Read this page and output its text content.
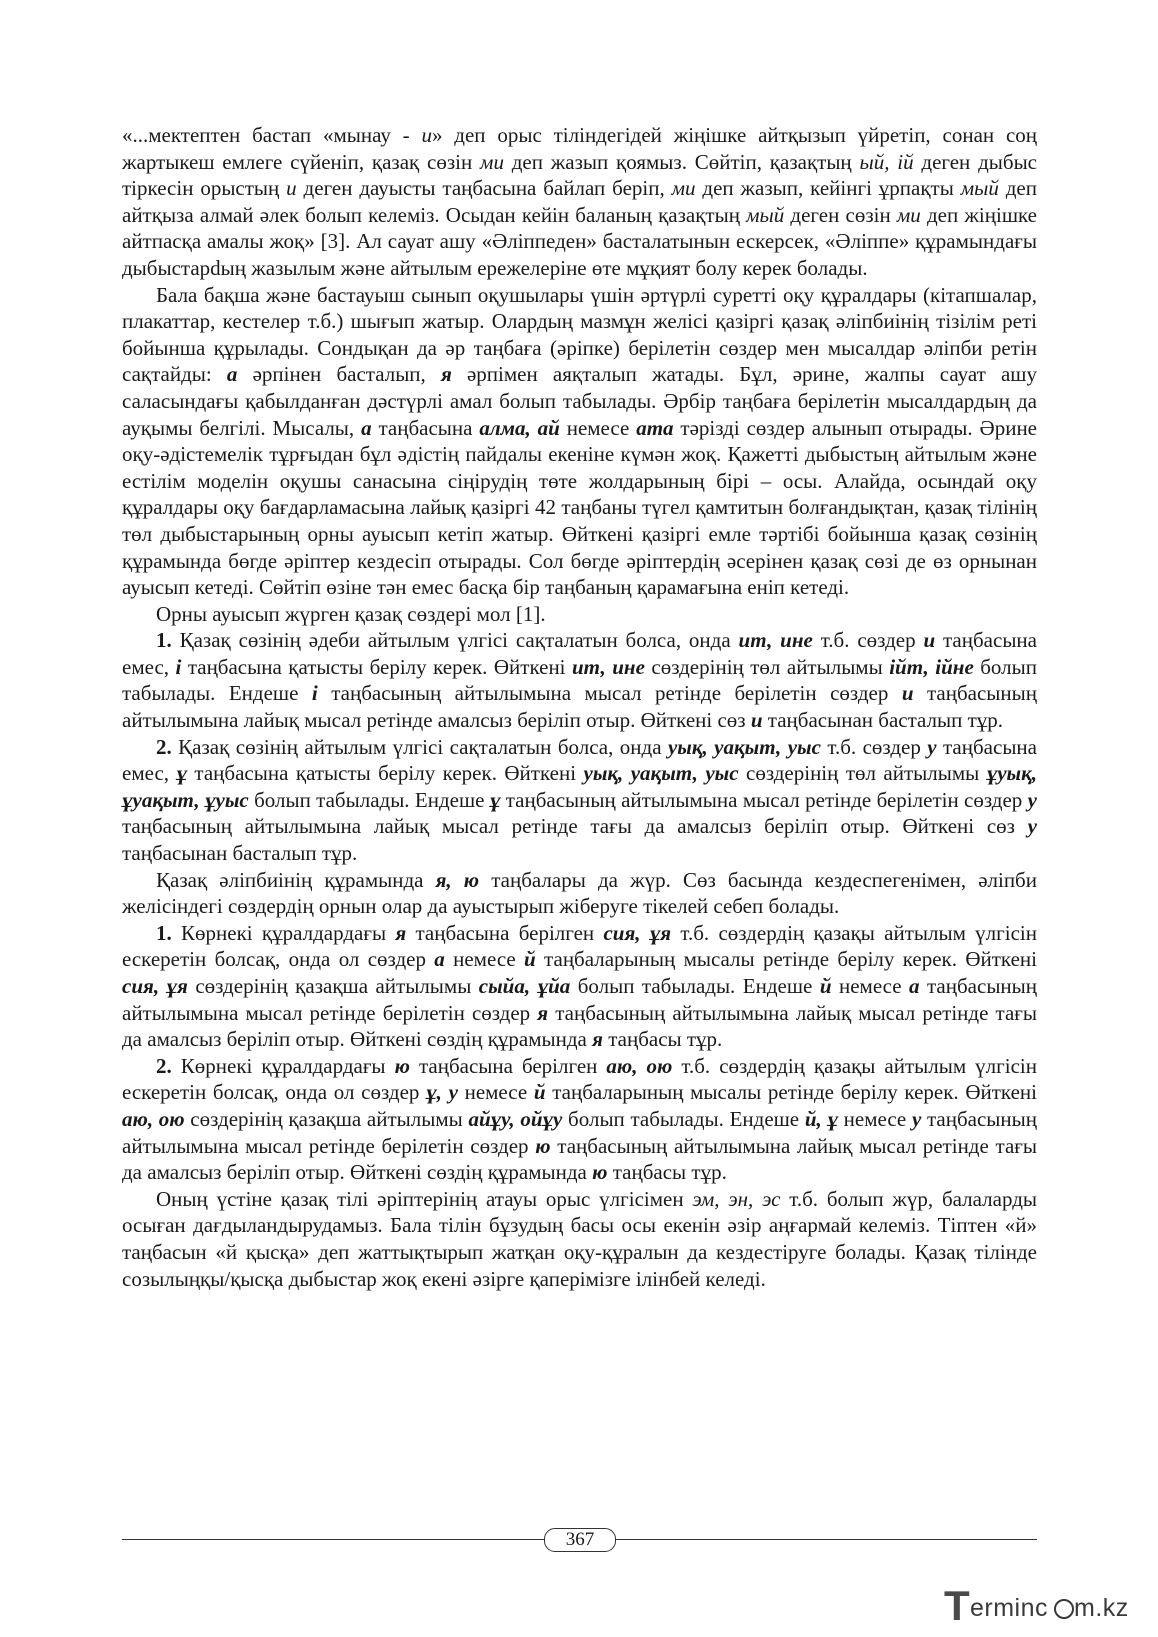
«...мектептен бастап «мынау - и» деп орыс тіліндегідей жіңішке айтқызып үйретіп, сонан соң жартыкеш емлеге сүйеніп, қазақ сөзін ми деп жазып қоямыз. Сөйтіп, қазақтың ый, ій деген дыбыс тіркесін орыстың и деген дауысты таңбасына байлап беріп, ми деп жазып, кейінгі ұрпақты мый деп айтқыза алмай әлек болып келеміз. Осыдан кейін баланың қазақтың мый деген сөзін ми деп жіңішке айтпасқа амалы жоқ» [3]. Ал сауат ашу «Әліппеден» басталатынын ескерсек, «Әліппе» құрамындағы дыбыстарdың жазылым және айтылым ережелеріне өте мұқият болу керек болады.

Бала бақша және бастауыш сынып оқушылары үшін әртүрлі суретті оқу құралдары (кітапшалар, плакаттар, кестелер т.б.) шығып жатыр. Олардың мазмұн желісі қазіргі қазақ әліпбиінің тізілім реті бойынша құрылады. Сондықан да әр таңбаға (әріпке) берілетін сөздер мен мысалдар әліпби ретін сақтайды: а әрпінен басталып, я әрпімен аяқталып жатады. Бұл, әрине, жалпы сауат ашу саласындағы қабылданған дәстүрлі амал болып табылады. Әрбір таңбаға берілетін мысалдардың да ауқымы белгілі. Мысалы, а таңбасына алма, ай немесе ата тәрізді сөздер алынып отырады. Әрине оқу-әдістемелік тұрғыдан бұл әдістің пайдалы екеніне күмән жоқ. Қажетті дыбыстың айтылым және естілім моделін оқушы санасына сіңірудің төте жолдарының бірі – осы. Алайда, осындай оқу құралдары оқу бағдарламасына лайық қазіргі 42 таңбаны түгел қамтитын болғандықтан, қазақ тілінің төл дыбыстарының орны ауысып кетіп жатыр. Өйткені қазіргі емле тәртібі бойынша қазақ сөзінің құрамында бөгде әріптер кездесіп отырады. Сол бөгде әріптердің әсерінен қазақ сөзі де өз орнынан ауысып кетеді. Сөйтіп өзіне тән емес басқа бір таңбаның қарамағына еніп кетеді.

Орны ауысып жүрген қазақ сөздері мол [1].

1. Қазақ сөзінің әдеби айтылым үлгісі сақталатын болса, онда ит, ине т.б. сөздер и таңбасына емес, і таңбасына қатысты берілу керек. Өйткені ит, ине сөздерінің төл айтылымы ійт, ійне болып табылады. Ендеше і таңбасының айтылымына мысал ретінде берілетін сөздер и таңбасының айтылымына лайық мысал ретінде амалсыз беріліп отыр. Өйткені сөз и таңбасынан басталып тұр.

2. Қазақ сөзінің айтылым үлгісі сақталатын болса, онда уық, уақыт, уыс т.б. сөздер у таңбасына емес, ұ таңбасына қатысты берілу керек. Өйткені уық, уақыт, уыс сөздерінің төл айтылымы ұуық, ұуақыт, ұуыс болып табылады. Ендеше ұ таңбасының айтылымына мысал ретінде берілетін сөздер у таңбасының айтылымына лайық мысал ретінде тағы да амалсыз беріліп отыр. Өйткені сөз у таңбасынан басталып тұр.

Қазақ әліпбиінің құрамында я, ю таңбалары да жүр. Сөз басында кездеспегенімен, әліпби желісіндегі сөздердің орнын олар да ауыстырып жіберуге тікелей себеп болады.

1. Көрнекі құралдардағы я таңбасына берілген сия, ұя т.б. сөздердің қазақы айтылым үлгісін ескеретін болсақ, онда ол сөздер а немесе й таңбаларының мысалы ретінде берілу керек. Өйткені сия, ұя сөздерінің қазақша айтылымы сыйа, ұйа болып табылады. Ендеше й немесе а таңбасының айтылымына мысал ретінде берілетін сөздер я таңбасының айтылымына лайық мысал ретінде тағы да амалсыз беріліп отыр. Өйткені сөздің құрамында я таңбасы тұр.

2. Көрнекі құралдардағы ю таңбасына берілген аю, ою т.б. сөздердің қазақы айтылым үлгісін ескеретін болсақ, онда ол сөздер ұ, у немесе й таңбаларының мысалы ретінде берілу керек. Өйткені аю, ою сөздерінің қазақша айтылымы айұу, ойұу болып табылады. Ендеше й, ұ немесе у таңбасының айтылымына мысал ретінде берілетін сөздер ю таңбасының айтылымына лайық мысал ретінде тағы да амалсыз беріліп отыр. Өйткені сөздің құрамында ю таңбасы тұр.

Оның үстіне қазақ тілі әріптерінің атауы орыс үлгісімен эм, эн, эс т.б. болып жүр, балаларды осыған дағдыландырудамыз. Бала тілін бұзудың басы осы екенін әзір аңғармай келеміз. Тіптен «й» таңбасын «й қысқа» деп жаттықтырып жатқан оқу-құралын да кездестіруге болады. Қазақ тілінде созылыңқы/қысқа дыбыстар жоқ екені әзірге қаперімізге ілінбей келеді.

367
T erminc m.kz
